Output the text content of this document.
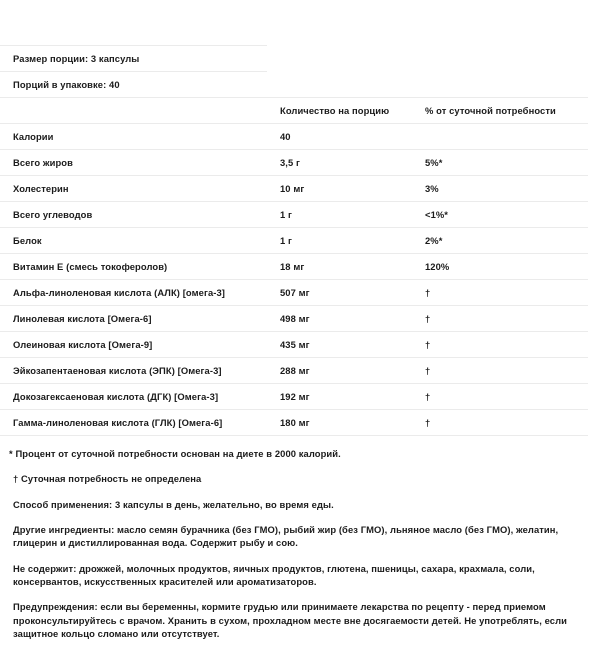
Размер порции: 3 капсулы		
Порций в упаковке: 40		
	Количество на порцию	% от суточной потребности
Калории	40	
Всего жиров	3,5 г	5%*
Холестерин	10 мг	3%
Всего углеводов	1 г	<1%*
Белок	1 г	2%*
Витамин E (смесь токоферолов)	18 мг	120%
Альфа-линоленовая кислота (АЛК) [омега-3]	507 мг	†
Линолевая кислота [Омега-6]	498 мг	†
Олеиновая кислота [Омега-9]	435 мг	†
Эйкозапентаеновая кислота (ЭПК) [Омега-3]	288 мг	†
Докозагексаеновая кислота (ДГК) [Омега-3]	192 мг	†
Гамма-линоленовая кислота (ГЛК) [Омега-6]	180 мг	†

* Процент от суточной потребности основан на диете в 2000 калорий.

† Суточная потребность не определена

Способ применения: 3 капсулы в день, желательно, во время еды.

Другие ингредиенты: масло семян бурачника (без ГМО), рыбий жир (без ГМО), льняное масло (без ГМО), желатин, глицерин и дистиллированная вода. Содержит рыбу и сою.

Не содержит: дрожжей, молочных продуктов, яичных продуктов, глютена, пшеницы, сахара, крахмала, соли, консервантов, искусственных красителей или ароматизаторов.

Предупреждения: если вы беременны, кормите грудью или принимаете лекарства по рецепту - перед приемом проконсультируйтесь с врачом. Хранить в сухом, прохладном месте вне досягаемости детей. Не употреблять, если защитное кольцо сломано или отсутствует.
